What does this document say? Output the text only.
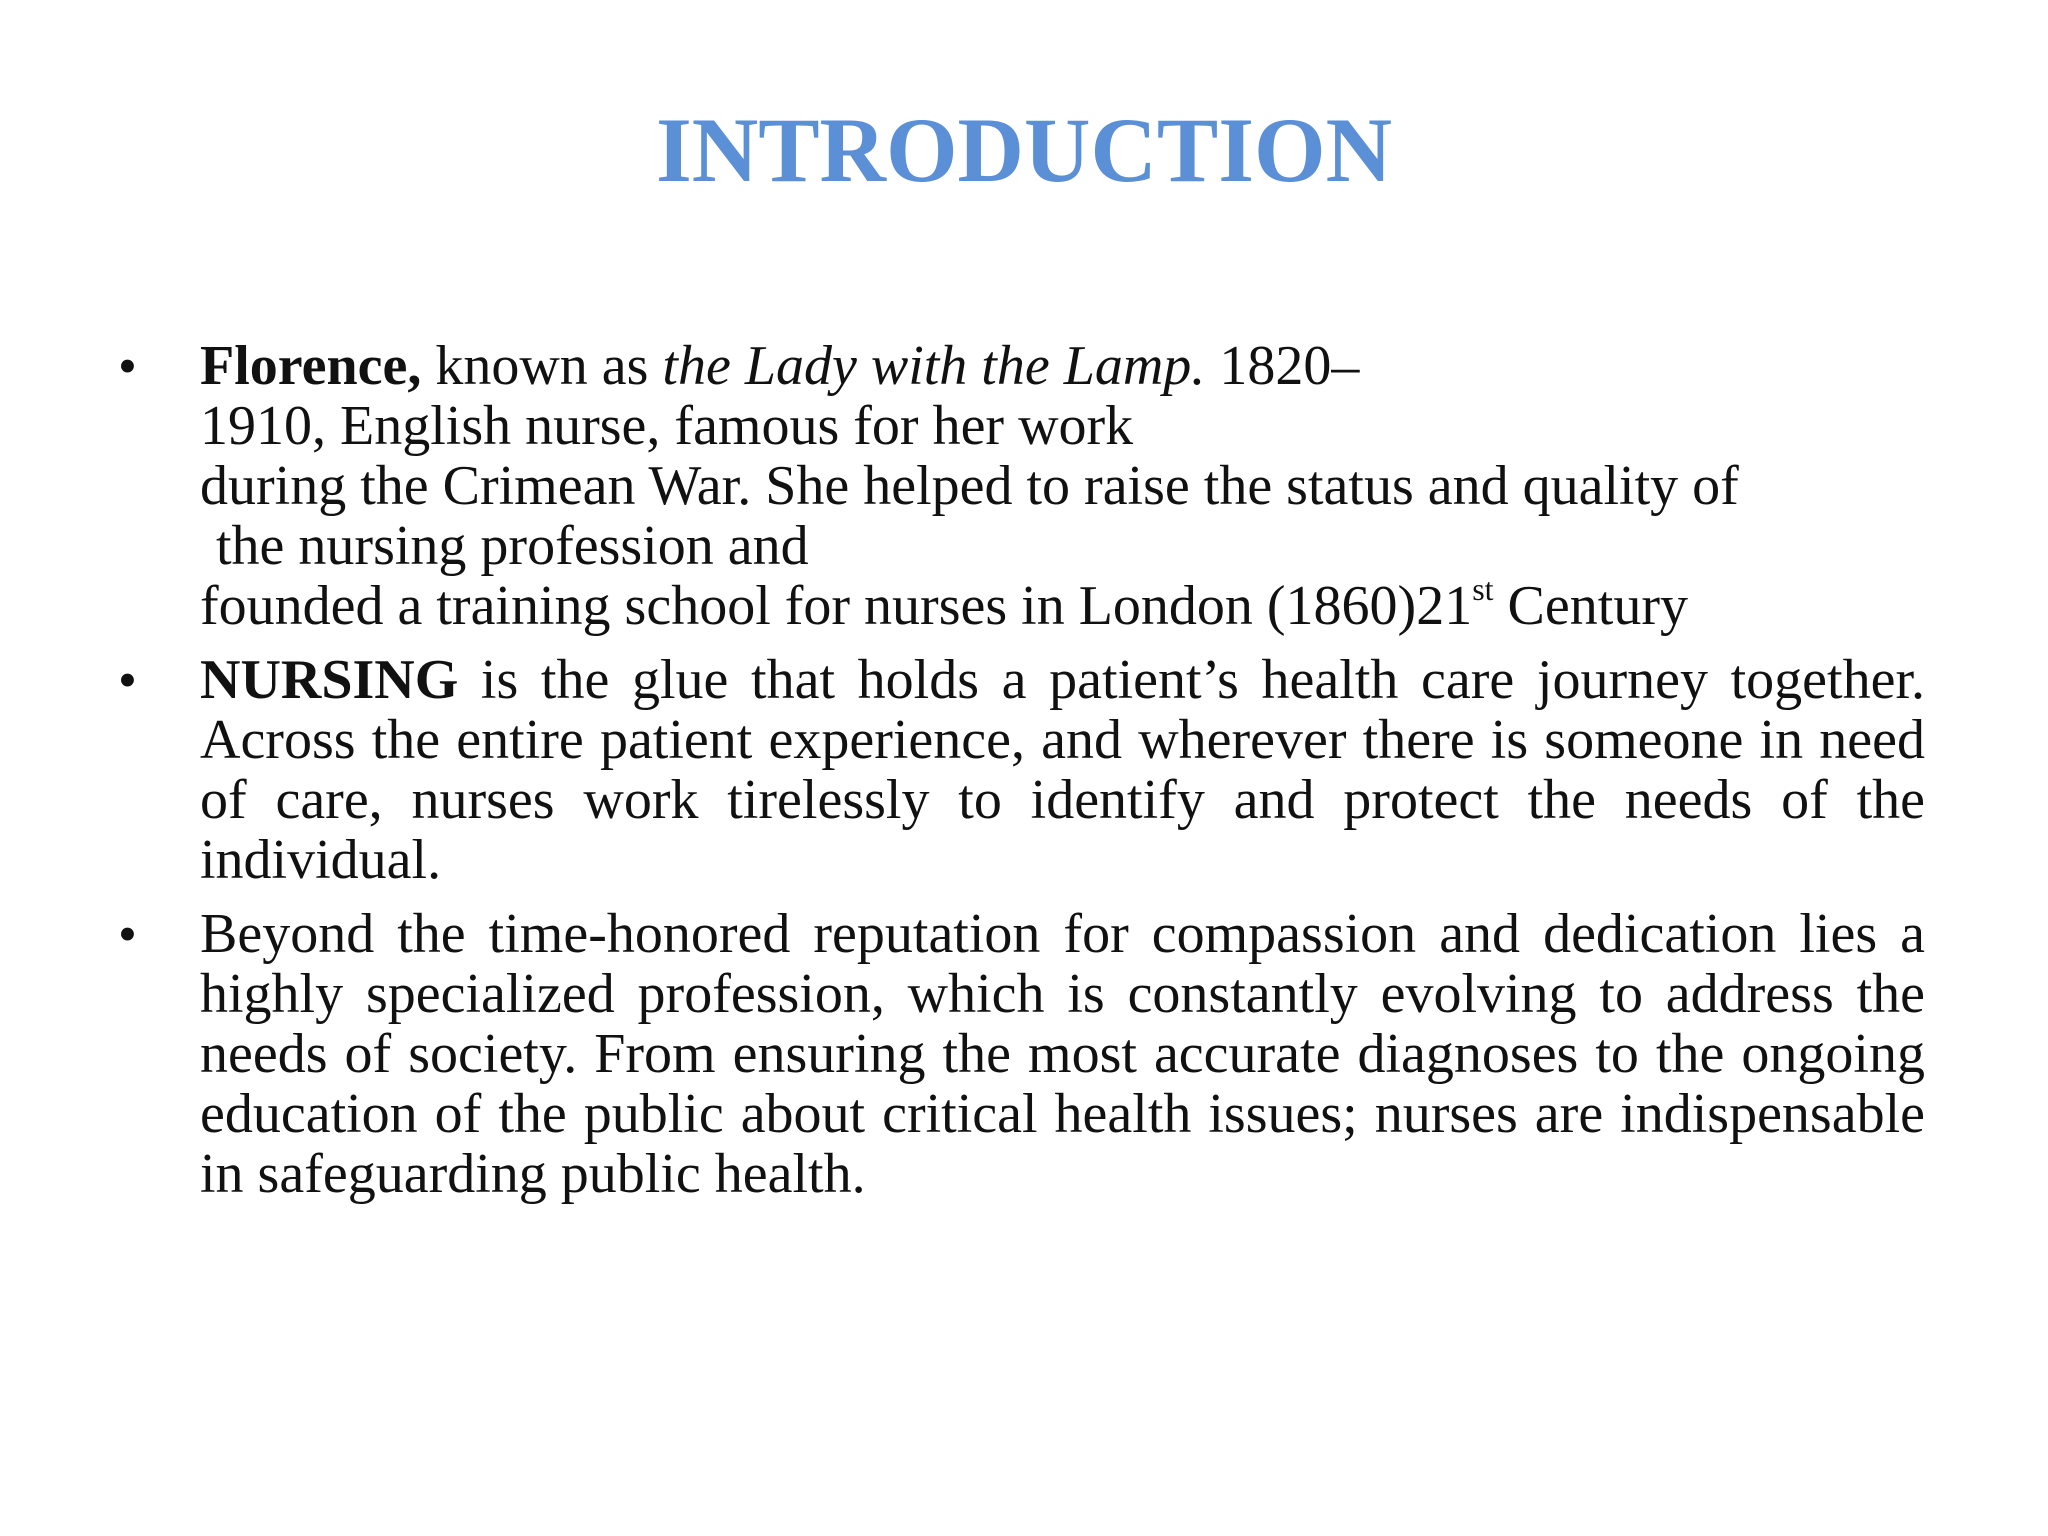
INTRODUCTION
• Florence, known as the Lady with the Lamp. 1820–
1910, English nurse, famous for her work
during the Crimean War. She helped to raise the status and quality of
the nursing profession and
founded a training school for nurses in London (1860)21st Century
• NURSING is the glue that holds a patient’s health care journey together. Across the entire patient experience, and wherever there is someone in need of care, nurses work tirelessly to identify and protect the needs of the individual.
• Beyond the time-honored reputation for compassion and dedication lies a highly specialized profession, which is constantly evolving to address the needs of society. From ensuring the most accurate diagnoses to the ongoing education of the public about critical health issues; nurses are indispensable in safeguarding public health.
